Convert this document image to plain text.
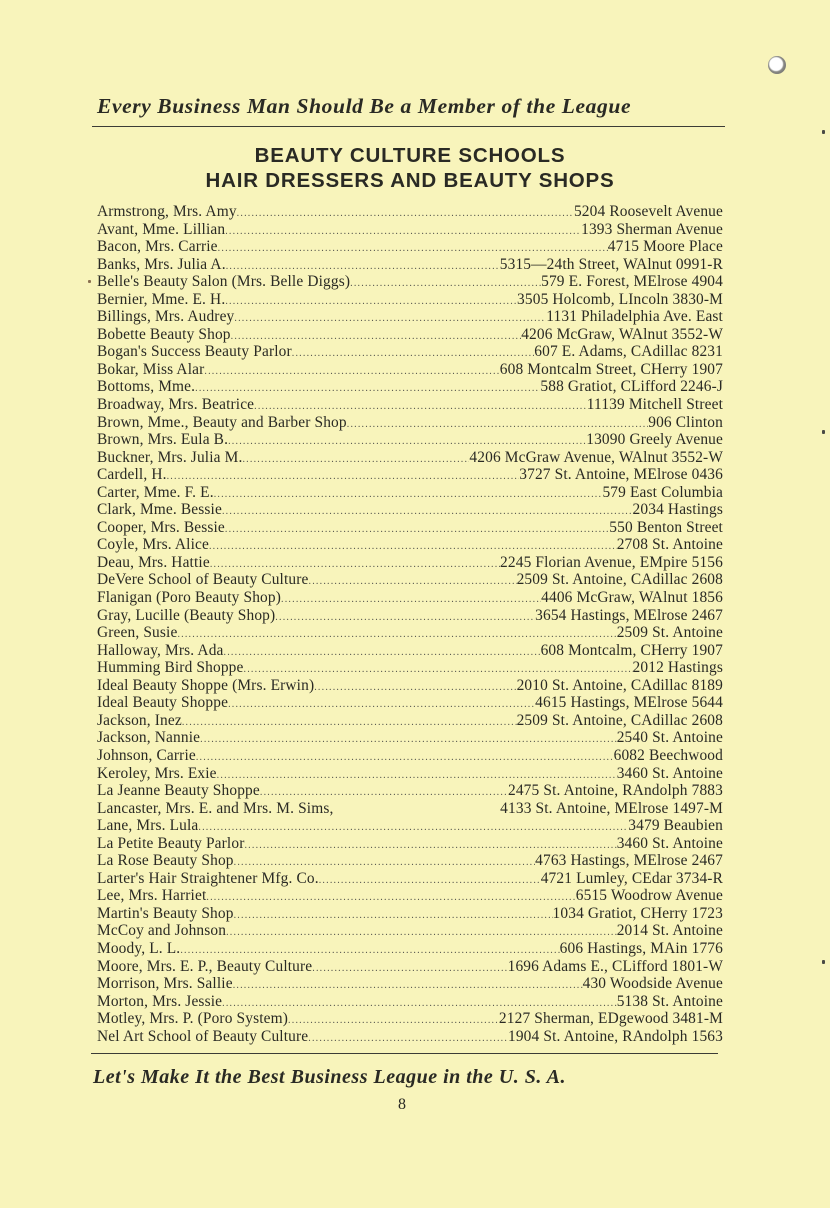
Every Business Man Should Be a Member of the League
BEAUTY CULTURE SCHOOLS
HAIR DRESSERS AND BEAUTY SHOPS
Armstrong, Mrs. Amy .....	5204 Roosevelt Avenue
Avant, Mme. Lillian .....	1393 Sherman Avenue
Bacon, Mrs. Carrie .....	4715 Moore Place
Banks, Mrs. Julia A. .....	5315—24th Street, WAlnut 0991-R
Belle's Beauty Salon (Mrs. Belle Diggs) .....	579 E. Forest, MElrose 4904
Bernier, Mme. E. H. .....	3505 Holcomb, LIncoln 3830-M
Billings, Mrs. Audrey .....	1131 Philadelphia Ave. East
Bobette Beauty Shop .....	4206 McGraw, WAlnut 3552-W
Bogan's Success Beauty Parlor .....	607 E. Adams, CAdillac 8231
Bokar, Miss Alar .....	608 Montcalm Street, CHerry 1907
Bottoms, Mme. .....	588 Gratiot, CLifford 2246-J
Broadway, Mrs. Beatrice .....	11139 Mitchell Street
Brown, Mme., Beauty and Barber Shop .....	906 Clinton
Brown, Mrs. Eula B. .....	13090 Greely Avenue
Buckner, Mrs. Julia M. .....	4206 McGraw Avenue, WAlnut 3552-W
Cardell, H. .....	3727 St. Antoine, MElrose 0436
Carter, Mme. F. E. .....	579 East Columbia
Clark, Mme. Bessie .....	2034 Hastings
Cooper, Mrs. Bessie .....	550 Benton Street
Coyle, Mrs. Alice .....	2708 St. Antoine
Deau, Mrs. Hattie .....	2245 Florian Avenue, EMpire 5156
DeVere School of Beauty Culture .....	2509 St. Antoine, CAdillac 2608
Flanigan (Poro Beauty Shop) .....	4406 McGraw, WAlnut 1856
Gray, Lucille (Beauty Shop) .....	3654 Hastings, MElrose 2467
Green, Susie .....	2509 St. Antoine
Halloway, Mrs. Ada .....	608 Montcalm, CHerry 1907
Humming Bird Shoppe .....	2012 Hastings
Ideal Beauty Shoppe (Mrs. Erwin) .....	2010 St. Antoine, CAdillac 8189
Ideal Beauty Shoppe .....	4615 Hastings, MElrose 5644
Jackson, Inez .....	2509 St. Antoine, CAdillac 2608
Jackson, Nannie .....	2540 St. Antoine
Johnson, Carrie .....	6082 Beechwood
Keroley, Mrs. Exie .....	3460 St. Antoine
La Jeanne Beauty Shoppe .....	2475 St. Antoine, RAndolph 7883
Lancaster, Mrs. E. and Mrs. M. Sims,	4133 St. Antoine, MElrose 1497-M
Lane, Mrs. Lula .....	3479 Beaubien
La Petite Beauty Parlor .....	3460 St. Antoine
La Rose Beauty Shop .....	4763 Hastings, MElrose 2467
Larter's Hair Straightener Mfg. Co. .....	4721 Lumley, CEdar 3734-R
Lee, Mrs. Harriet .....	6515 Woodrow Avenue
Martin's Beauty Shop .....	1034 Gratiot, CHerry 1723
McCoy and Johnson .....	2014 St. Antoine
Moody, L. L. .....	606 Hastings, MAin 1776
Moore, Mrs. E. P., Beauty Culture .....	1696 Adams E., CLifford 1801-W
Morrison, Mrs. Sallie .....	430 Woodside Avenue
Morton, Mrs. Jessie .....	5138 St. Antoine
Motley, Mrs. P. (Poro System) .....	2127 Sherman, EDgewood 3481-M
Nel Art School of Beauty Culture .....	1904 St. Antoine, RAndolph 1563
Let's Make It the Best Business League in the U. S. A.
8
